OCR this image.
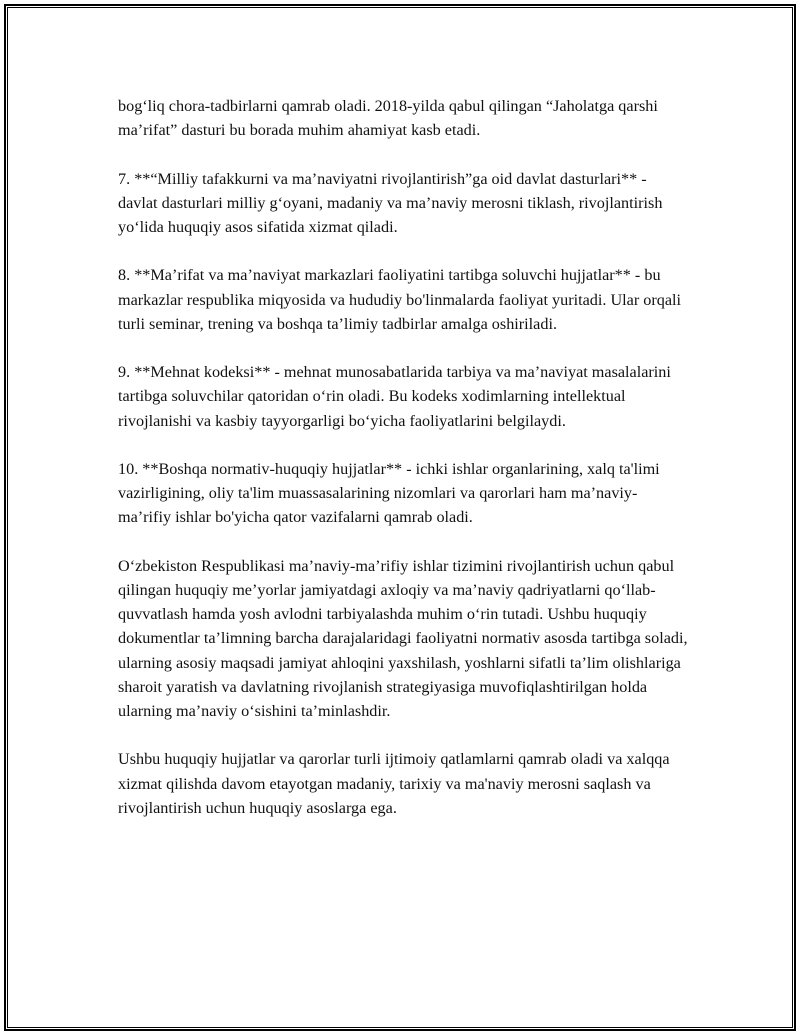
bog‘liq chora-tadbirlarni qamrab oladi. 2018-yilda qabul qilingan “Jaholatga qarshi ma’rifat” dasturi bu borada muhim ahamiyat kasb etadi.

7. **“Milliy tafakkurni va ma’naviyatni rivojlantirish”ga oid davlat dasturlari** - davlat dasturlari milliy g‘oyani, madaniy va ma’naviy merosni tiklash, rivojlantirish yo‘lida huquqiy asos sifatida xizmat qiladi.

8. **Ma’rifat va ma’naviyat markazlari faoliyatini tartibga soluvchi hujjatlar** - bu markazlar respublika miqyosida va hududiy bo'linmalarda faoliyat yuritadi. Ular orqali turli seminar, trening va boshqa ta’limiy tadbirlar amalga oshiriladi.

9. **Mehnat kodeksi** - mehnat munosabatlarida tarbiya va ma’naviyat masalalarini tartibga soluvchilar qatoridan o‘rin oladi. Bu kodeks xodimlarning intellektual rivojlanishi va kasbiy tayyorgarligi bo‘yicha faoliyatlarini belgilaydi.

10. **Boshqa normativ-huquqiy hujjatlar** - ichki ishlar organlarining, xalq ta'limi vazirligining, oliy ta'lim muassasalarining nizomlari va qarorlari ham ma’naviy-ma’rifiy ishlar bo'yicha qator vazifalarni qamrab oladi.

O‘zbekiston Respublikasi ma’naviy-ma’rifiy ishlar tizimini rivojlantirish uchun qabul qilingan huquqiy me’yorlar jamiyatdagi axloqiy va ma’naviy qadriyatlarni qo‘llab-quvvatlash hamda yosh avlodni tarbiyalashda muhim o‘rin tutadi. Ushbu huquqiy dokumentlar ta’limning barcha darajalaridagi faoliyatni normativ asosda tartibga soladi, ularning asosiy maqsadi jamiyat ahloqini yaxshilash, yoshlarni sifatli ta’lim olishlariga sharoit yaratish va davlatning rivojlanish strategiyasiga muvofiqlashtirilgan holda ularning ma’naviy o‘sishini ta’minlashdir.

Ushbu huquqiy hujjatlar va qarorlar turli ijtimoiy qatlamlarni qamrab oladi va xalqqa xizmat qilishda davom etayotgan madaniy, tarixiy va ma'naviy merosni saqlash va rivojlantirish uchun huquqiy asoslarga ega.
